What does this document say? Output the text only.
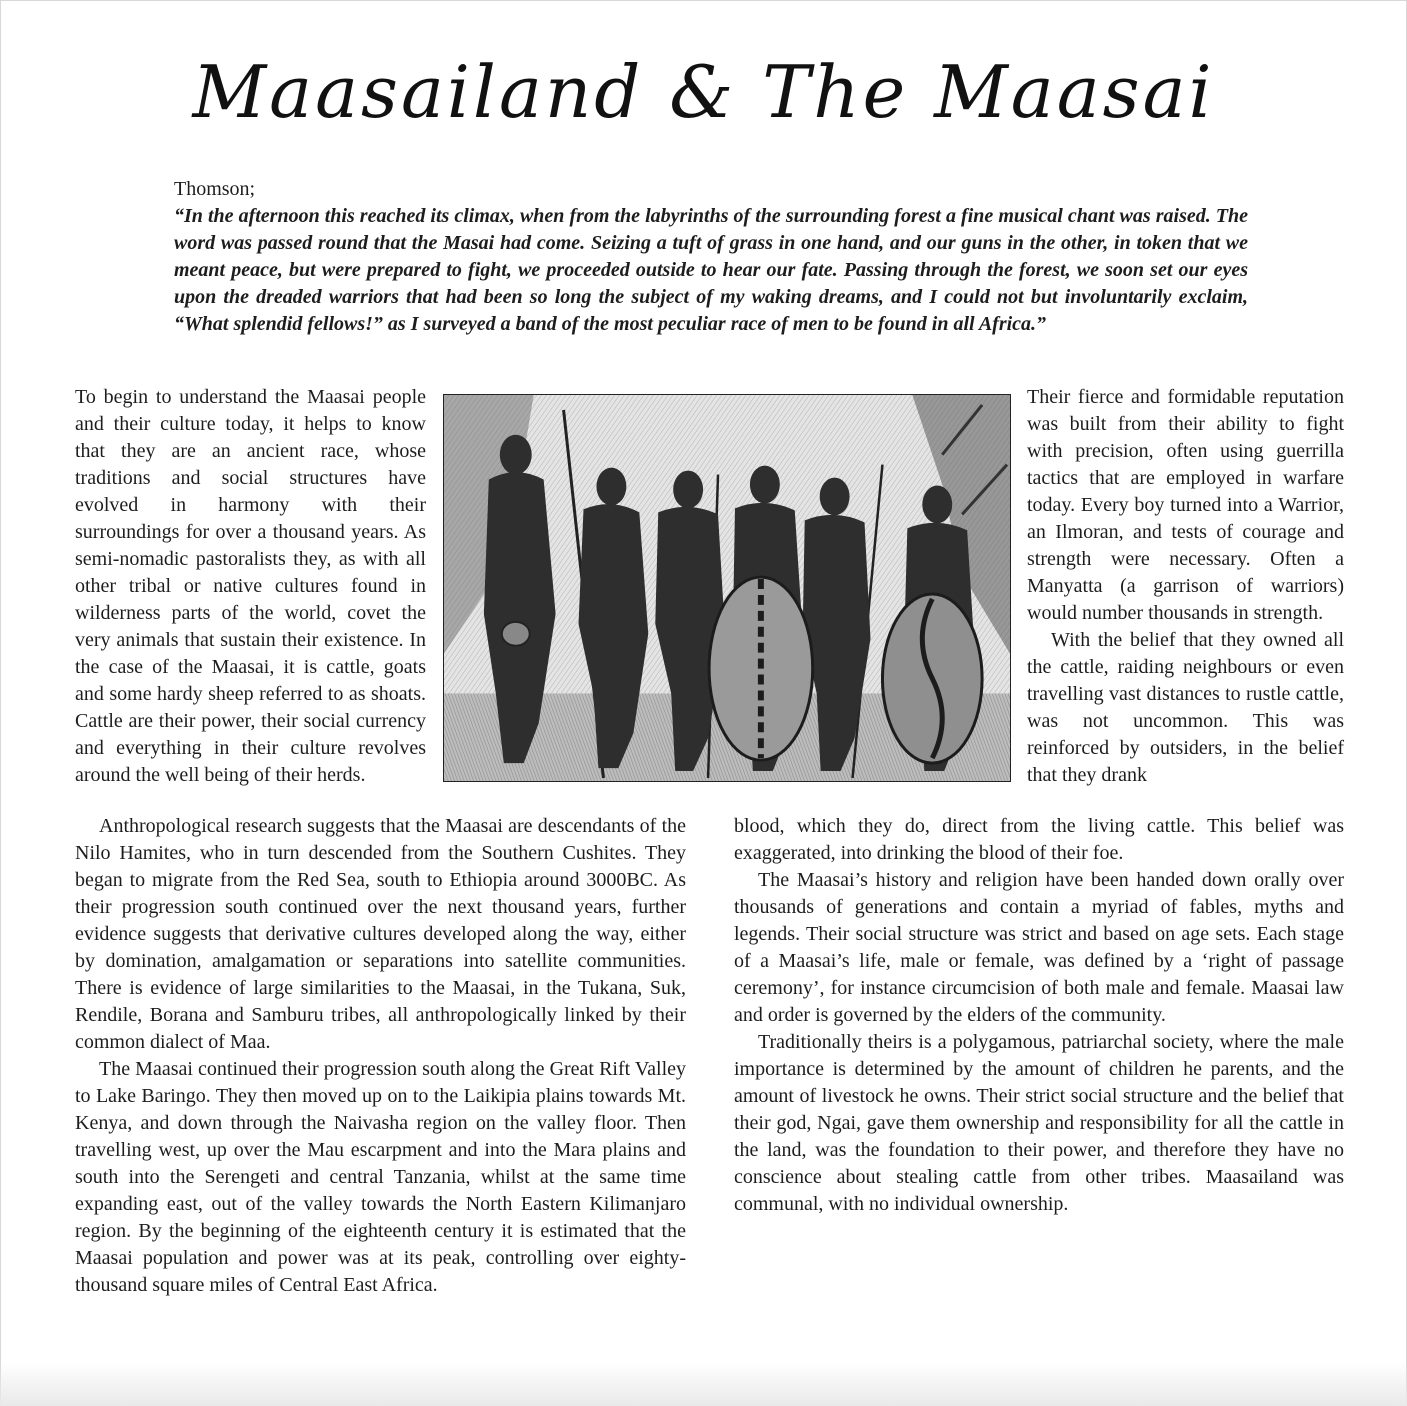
Maasailand & The Maasai
Thomson;
“In the afternoon this reached its climax, when from the labyrinths of the surrounding forest a fine musical chant was raised. The word was passed round that the Masai had come. Seizing a tuft of grass in one hand, and our guns in the other, in token that we meant peace, but were prepared to fight, we proceeded outside to hear our fate. Passing through the forest, we soon set our eyes upon the dreaded warriors that had been so long the subject of my waking dreams, and I could not but involuntarily exclaim, “What splendid fellows!” as I surveyed a band of the most peculiar race of men to be found in all Africa.”

To begin to understand the Maasai people and their culture today, it helps to know that they are an ancient race, whose traditions and social structures have evolved in harmony with their surroundings for over a thousand years. As semi-nomadic pastoralists they, as with all other tribal or native cultures found in wilderness parts of the world, covet the very animals that sustain their existence. In the case of the Maasai, it is cattle, goats and some hardy sheep referred to as shoats. Cattle are their power, their social currency and everything in their culture revolves around the well being of their herds.

Anthropological research suggests that the Maasai are descendants of the Nilo Hamites, who in turn descended from the Southern Cushites. They began to migrate from the Red Sea, south to Ethiopia around 3000BC. As their progression south continued over the next thousand years, further evidence suggests that derivative cultures developed along the way, either by domination, amalgamation or separations into satellite communities. There is evidence of large similarities to the Maasai, in the Tukana, Suk, Rendile, Borana and Samburu tribes, all anthropologically linked by their common dialect of Maa.

The Maasai continued their progression south along the Great Rift Valley to Lake Baringo. They then moved up on to the Laikipia plains towards Mt. Kenya, and down through the Naivasha region on the valley floor. Then travelling west, up over the Mau escarpment and into the Mara plains and south into the Serengeti and central Tanzania, whilst at the same time expanding east, out of the valley towards the North Eastern Kilimanjaro region. By the beginning of the eighteenth century it is estimated that the Maasai population and power was at its peak, controlling over eighty-thousand square miles of Central East Africa.

Their fierce and formidable reputation was built from their ability to fight with precision, often using guerrilla tactics that are employed in warfare today. Every boy turned into a Warrior, an Ilmoran, and tests of courage and strength were necessary. Often a Manyatta (a garrison of warriors) would number thousands in strength.

With the belief that they owned all the cattle, raiding neighbours or even travelling vast distances to rustle cattle, was not uncommon. This was reinforced by outsiders, in the belief that they drank

blood, which they do, direct from the living cattle. This belief was exaggerated, into drinking the blood of their foe.

The Maasai’s history and religion have been handed down orally over thousands of generations and contain a myriad of fables, myths and legends. Their social structure was strict and based on age sets. Each stage of a Maasai’s life, male or female, was defined by a ‘right of passage ceremony’, for instance circumcision of both male and female. Maasai law and order is governed by the elders of the community.

Traditionally theirs is a polygamous, patriarchal society, where the male importance is determined by the amount of children he parents, and the amount of livestock he owns. Their strict social structure and the belief that their god, Ngai, gave them ownership and responsibility for all the cattle in the land, was the foundation to their power, and therefore they have no conscience about stealing cattle from other tribes. Maasailand was communal, with no individual ownership.
